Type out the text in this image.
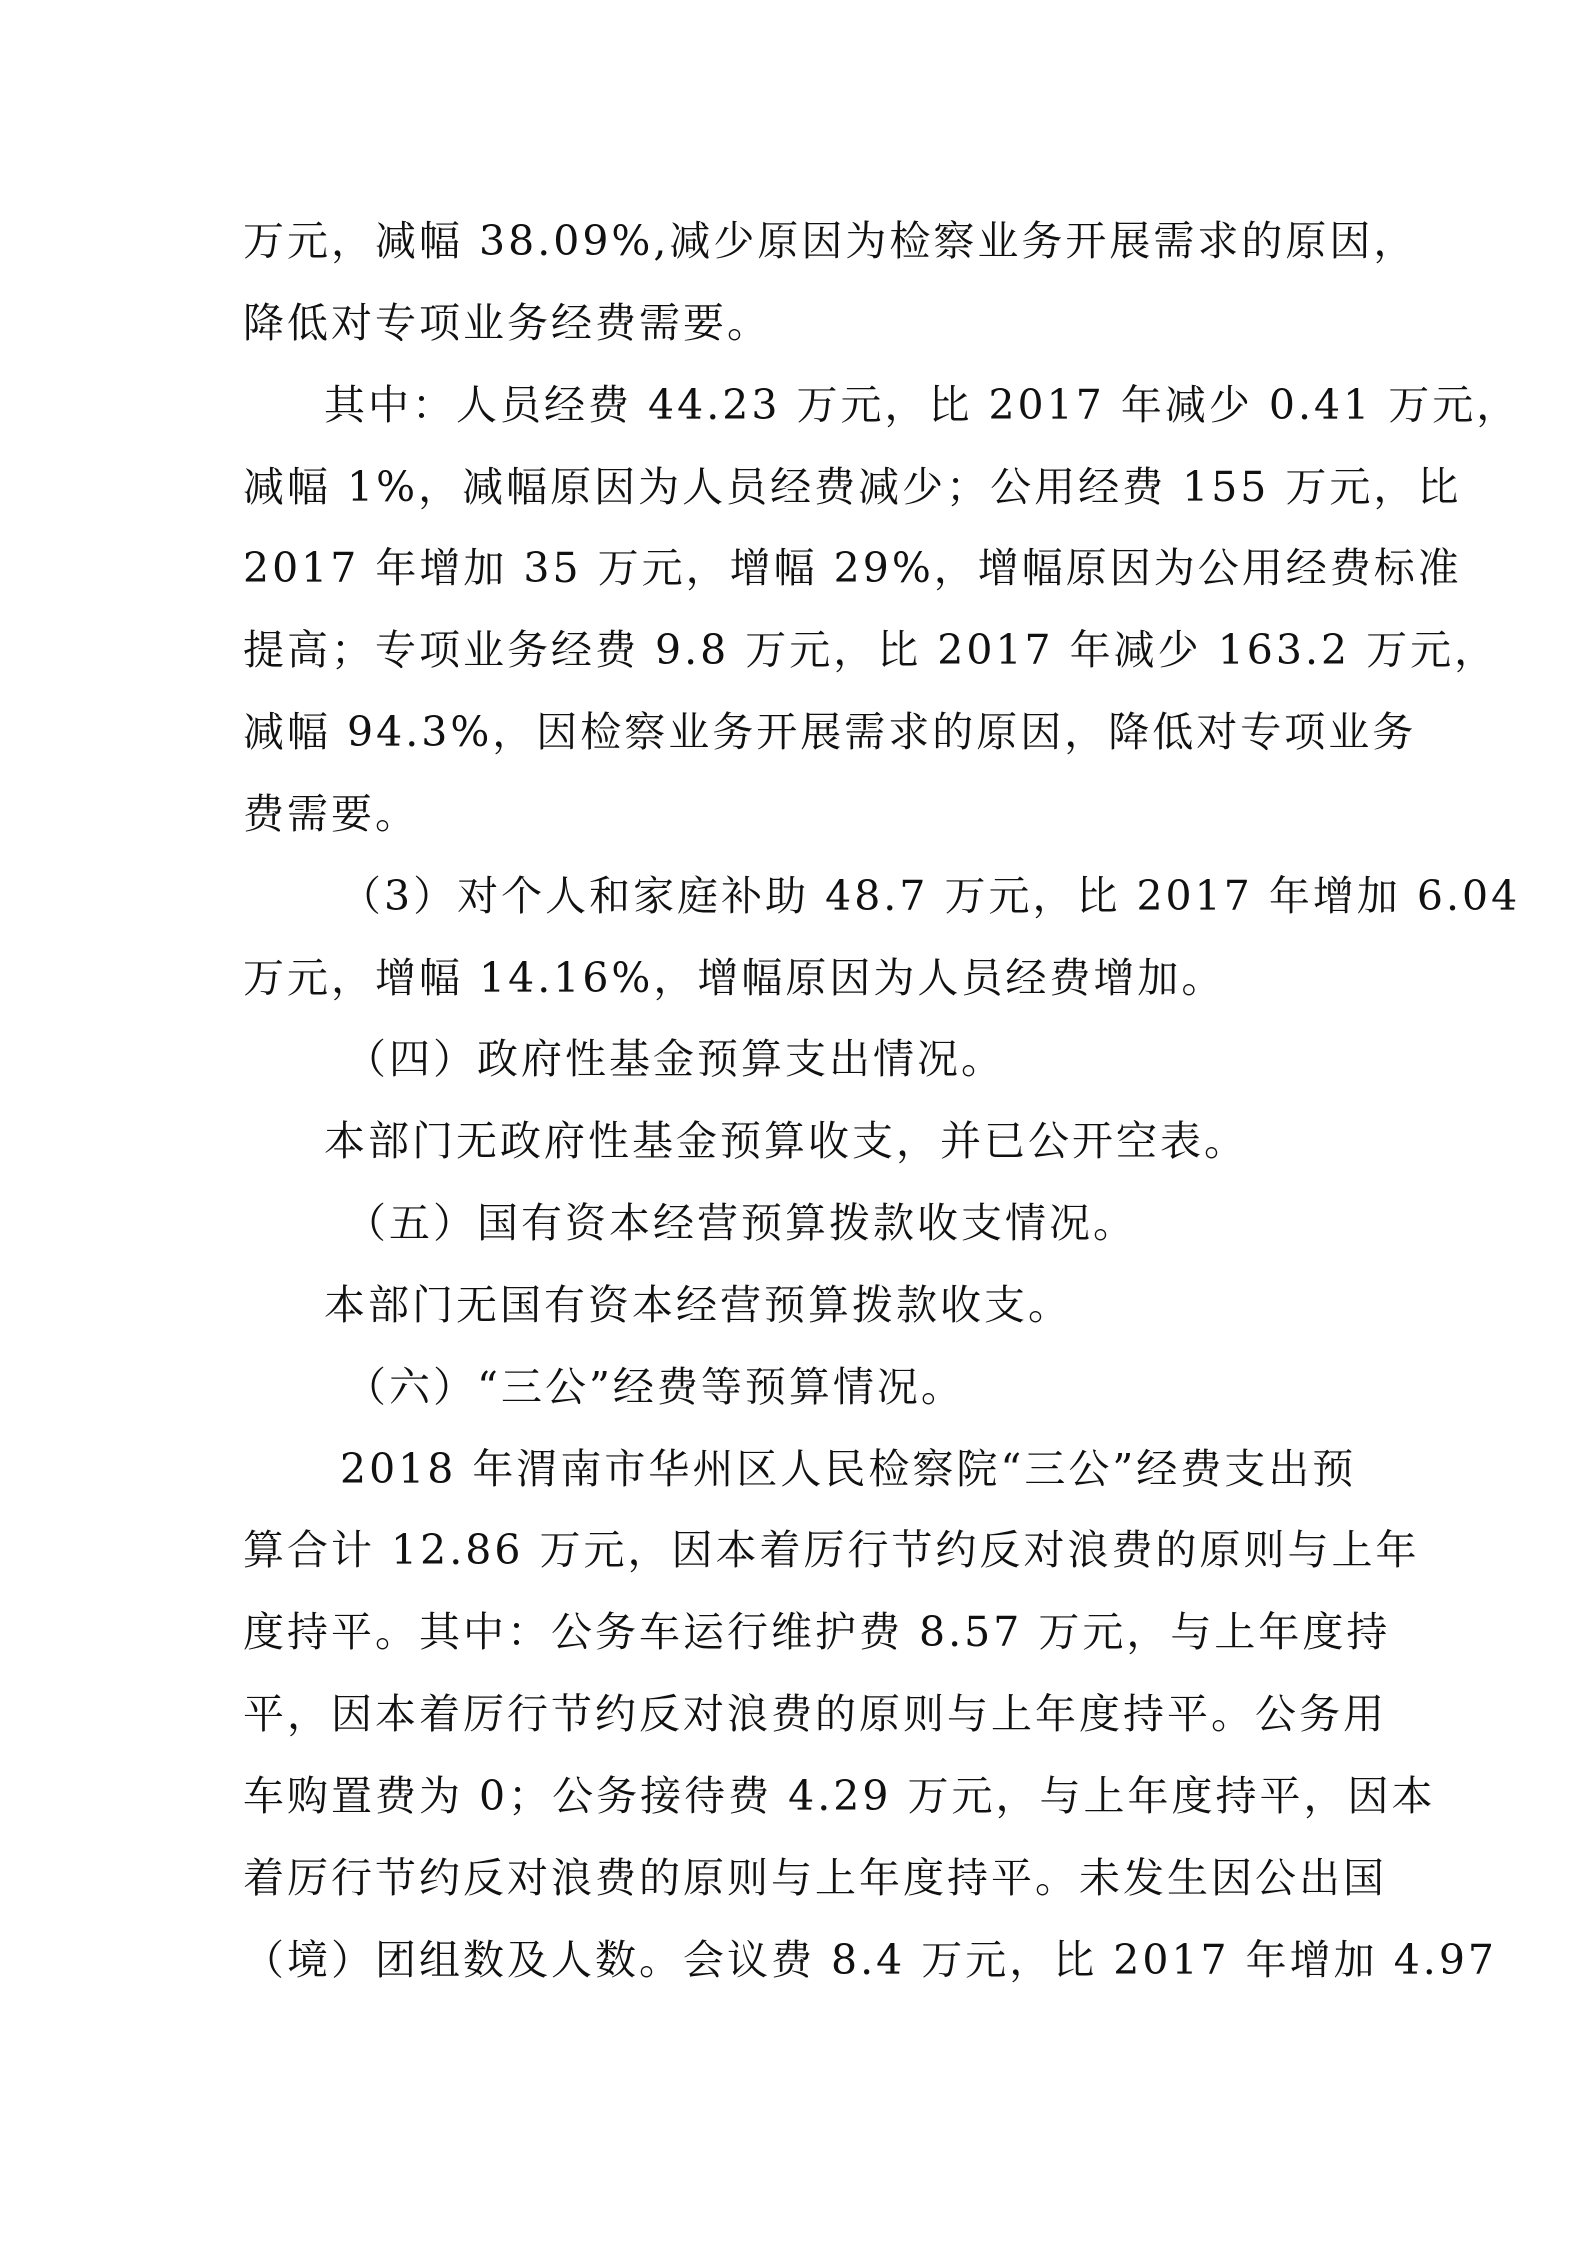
万元，减幅 38.09%,减少原因为检察业务开展需求的原因，
降低对专项业务经费需要。
其中：人员经费 44.23 万元，比 2017 年减少 0.41 万元，
减幅 1%，减幅原因为人员经费减少；公用经费 155 万元，比
2017 年增加 35 万元，增幅 29%，增幅原因为公用经费标准
提高；专项业务经费 9.8 万元，比 2017 年减少 163.2 万元，
减幅 94.3%，因检察业务开展需求的原因，降低对专项业务
费需要。
（3）对个人和家庭补助 48.7 万元，比 2017 年增加 6.04
万元，增幅 14.16%，增幅原因为人员经费增加。
（四）政府性基金预算支出情况。
本部门无政府性基金预算收支，并已公开空表。
（五）国有资本经营预算拨款收支情况。
本部门无国有资本经营预算拨款收支。
（六）“三公”经费等预算情况。
2018 年渭南市华州区人民检察院“三公”经费支出预
算合计 12.86 万元，因本着厉行节约反对浪费的原则与上年
度持平。其中：公务车运行维护费 8.57 万元，与上年度持
平，因本着厉行节约反对浪费的原则与上年度持平。公务用
车购置费为 0；公务接待费 4.29 万元，与上年度持平，因本
着厉行节约反对浪费的原则与上年度持平。未发生因公出国
（境）团组数及人数。会议费 8.4 万元，比 2017 年增加 4.97
